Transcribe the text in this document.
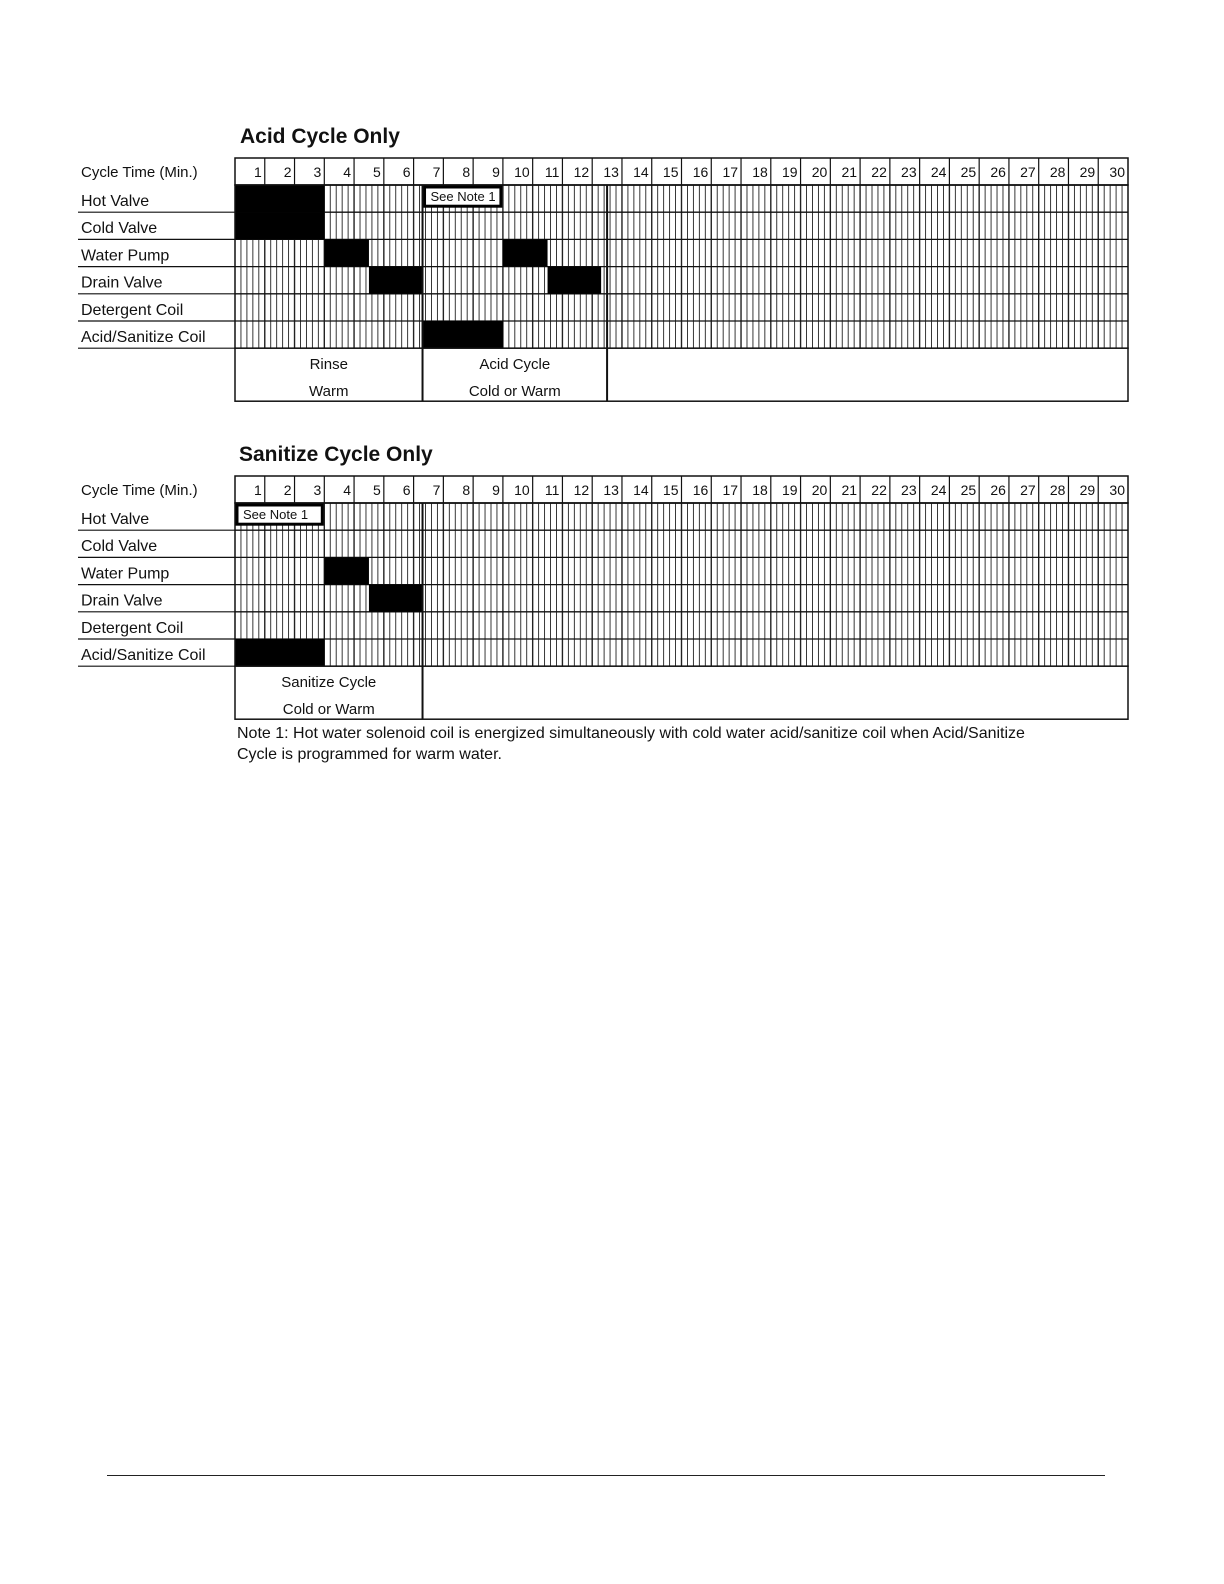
Acid Cycle Only
Cycle Time (Min.)	1 2 3 4 5 6 7 8 9 10 11 12 13 14 15 16 17 18 19 20 21 22 23 24 25 26 27 28 29 30
Hot Valve
Cold Valve
Water Pump
Drain Valve
Detergent Coil
Acid/Sanitize Coil
See Note 1
Rinse
Warm
Acid Cycle
Cold or Warm
Sanitize Cycle Only
Cycle Time (Min.)	1 2 3 4 5 6 7 8 9 10 11 12 13 14 15 16 17 18 19 20 21 22 23 24 25 26 27 28 29 30
Hot Valve
Cold Valve
Water Pump
Drain Valve
Detergent Coil
Acid/Sanitize Coil
See Note 1
Sanitize Cycle
Cold or Warm
Note 1: Hot water solenoid coil is energized simultaneously with cold water acid/sanitize coil when Acid/Sanitize
Cycle is programmed for warm water.
